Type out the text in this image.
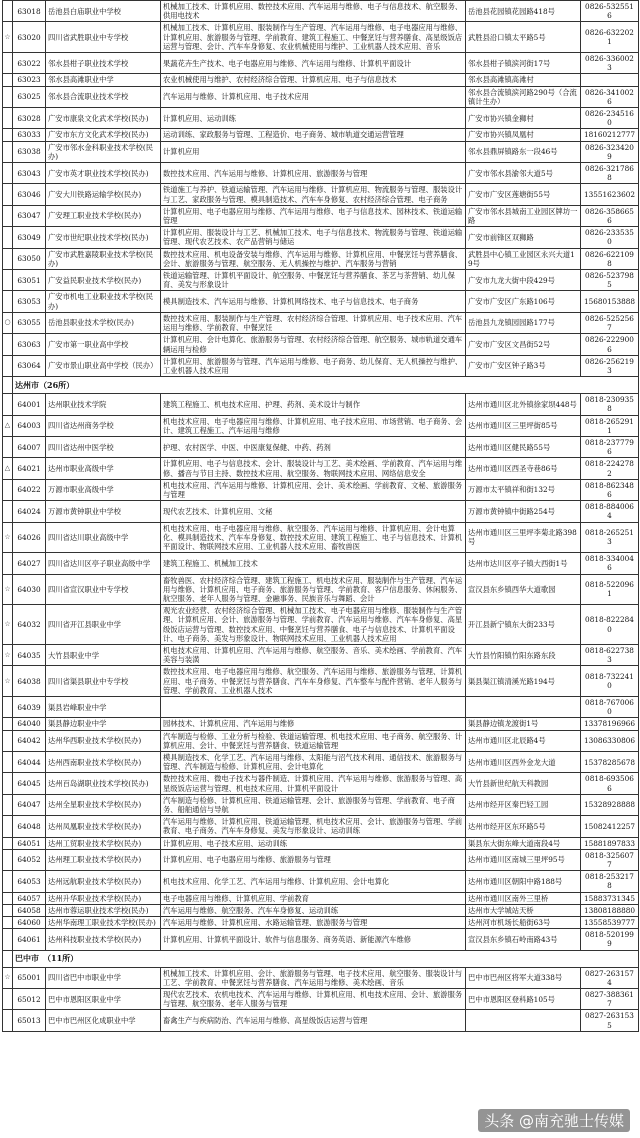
	63018	岳池县白庙职业中学校	机械加工技术、计算机应用、数控技术应用、汽车运用与维修、电子与信息技术、航空服务、供用电技术	岳池县花园镇花园路418号	0826-5325516
☆	63020	四川省武胜职业中专学校	机械加工技术、计算机应用、服装制作与生产管理、汽车运用与维修、电子电器应用与维修、计算机应用、旅游服务与管理、学前教育、建筑工程施工、中餐烹饪与营养膳食、高星级饭店运营与管理、会计、汽车车身修复、农业机械使用与维护、工业机器人技术应用、音乐	武胜县沿口镇太平路5号	0826-6322021
	63022	邻水县柑子职业技术学校	果蔬花卉生产技术、电子电器应用与维修、汽车运用与维修、计算机平面设计	邻水县柑子镇滨河街17号	0826-3360023
	63023	邻水县高滩职业中学	农业机械使用与维护、农村经济综合管理、计算机应用、电子与信息技术	邻水县高滩镇高滩村	
	63025	邻水县合流职业技术学校	汽车运用与维修、计算机应用、电子技术应用	邻水县合流镇滨河路290号（合流镇计生办）	0826-3410026
	63028	广安市康泉文化武术学校(民办)	计算机应用、运动训练	广安市协兴镇金狮村	0826-2345160
	63033	广安市东方文化武术学校(民办)	运动训练、家政服务与管理、工程造价、电子商务、城市轨道交通运营管理	广安市协兴镇凤凰村	18160212777
	63038	广安市邻水金科职业技术学校(民办)	计算机应用	邻水县鼎屏镇路东一段46号	0826-3234209
	63043	广安市英才职业技术学校(民办)	数控技术应用、汽车运用与维修、计算机应用、旅游服务与管理	广安市邻水县渝邻大道5号	0826-3217868
	63046	广安大川铁路运输学校(民办)	铁道施工与养护、铁道运输管理、汽车运用与维修、计算机应用、物流服务与管理、服装设计与工艺、家政服务与管理、模具制造技术、汽车车身修复、农村经济综合管理、电子商务	广安市广安区莲塘街55号	13551623602
	63047	广安理工职业技术学校(民办)	计算机应用、电子电器应用与维修、汽车运用与维修、电子与信息技术、园林技术、铁道运输管理	广安市邻水县城南工业园区牌坊一路	0826-3586656
	63049	广安市世纪职业技术学校(民办)	计算机应用、服装设计与工艺、机械加工技术、电子与信息技术、物流服务与管理、铁道运输管理、现代农艺技术、农产品营销与储运	广安市前锋区双狮路	0826-2335350
	63050	广安市武胜嘉陵职业技术学校(民办)	数控技术应用、机电设备安装与维修、汽车运用与维修、计算机应用、中餐烹饪与营养膳食、会计、旅游服务与管理、航空服务、无人机操控与维护、汽车服务与营销	武胜县中心镇工业园区永兴大道19号	0826-6221098
	63051	广安益民职业技术学校(民办)	铁道运输管理、计算机平面设计、航空服务、中餐烹饪与营养膳食、茶艺与茶营销、幼儿保育、美发与形象设计	广安市九龙大街中段429号	0826-5237985
	63053	广安市机电工业职业技术学校(民办)	模具制造技术、汽车运用与维修、计算机网络技术、电子与信息技术、电子商务	广安市广安区广东路106号	15680153888
○	63055	岳池县职业技术学校(民办)	数控技术应用、服装制作与生产管理、农村经济综合管理、计算机应用、电子技术应用、汽车运用与维修、学前教育、中餐烹饪	岳池县九龙镇园园路177号	0826-5252567
	63063	广安市第一职业高中学校	计算机应用、会计电算化、旅游服务与管理、农村经济综合管理、航空服务、城市轨道交通车辆运用与检修	广安市广安区文昌街52号	0826-2229006
	63064	广安市景山职业高中学校（民办）	计算机应用、旅游服务与管理、汽车运用与维修、电子商务、幼儿保育、无人机操控与维护、工业机器人技术应用	广安市广安区钟子路3号	0826-2562193
	达州市（26所）				
	64001	达州职业技术学院	建筑工程施工、机电技术应用、护理、药剂、美术设计与制作	达州市通川区北外镇徐家坝448号	0818-2309358
△	64003	四川省达州商务学校	机电技术应用、电子电器应用与维修、计算机应用、电子技术应用、市场营销、电子商务、会计、建筑工程施工、汽车运用与维修	达州市通川区三里坪街85号	0818-2652911
	64007	四川省达州中医学校	护理、农村医学、中医、中医康复保健、中药、药剂	达州市通川区健民路55号	0818-2377796
△	64021	达州市职业高级中学	计算机应用、电子与信息技术、会计、服装设计与工艺、美术绘画、学前教育、汽车运用与维修、播音与节目主持、数控技术应用、航空服务、物联网技术应用、网络信息安全	达州市通川区西圣寺巷86号	0818-2242782
	64022	万源市职业高级中学	机电技术应用、汽车运用与维修、计算机应用、会计、美术绘画、学前教育、文秘、旅游服务与管理	万源市太平镇祥和街132号	0818-8623486
	64024	万源市黄钟职业中学校	现代农艺技术、计算机应用、文秘	万源市黄钟镇中街路254号	0818-8840064
☆	64026	四川省达川职业高级中学	机电技术应用、电子电器应用与维修、航空服务、汽车运用与维修、计算机应用、会计电算化、模具制造技术、汽车车身修复、数控技术应用、建筑工程施工、电子与信息技术、计算机平面设计、物联网技术应用、工业机器人技术应用、畜牧兽医	达州市通川区三里坪李菊北路398号	0818-2652513
	64027	四川省达川区亭子职业高级中学	建筑工程施工、机械加工技术	达州市达川区亭子镇大西街1号	0818-3340046
☆	64030	四川省宣汉职业中专学校	畜牧兽医、农村经济综合管理、建筑工程施工、机电技术应用、服装制作与生产管理、汽车运用与维修、计算机应用、电子商务、旅游服务与管理、学前教育、客户信息服务、休闲服务、航空服务、老年人服务与管理、金融事务、民族音乐与舞蹈、会计	宣汉县东乡镇西华大道歌园	0818-5220961
☆	64032	四川省开江县职业中学	观光农业经营、农村经济综合管理、机械加工技术、电子电器应用与维修、服装制作与生产管理、计算机应用、会计、旅游服务与管理、学前教育、汽车运用与维修、汽车车身修复、高星级饭店运营与管理、数控技术应用、中餐烹饪与营养膳食、电子与信息技术、计算机平面设计、电子商务、美发与形象设计、物联网技术应用、工业机器人技术应用	开江县新宁镇东大街233号	0818-8222840
☆	64035	大竹县职业中学	机电技术应用、计算机应用、汽车运用与维修、航空服务、音乐、美术绘画、学前教育、汽车美容与装潢	大竹县竹阳镇竹阳东路东段	0818-6227383
☆	64038	四川省渠县职业中专学校	数控技术应用、电子电器应用与维修、航空服务、汽车运用与维修、旅游服务与管理、计算机应用、电子商务、中餐烹饪与营养膳食、汽车车身修复、汽车整车与配件营销、老年人服务与管理、学前教育、工业机器人技术	渠县渠江镇清溪光路194号	0818-7322410
	64039	渠县岩峰职业中学			0818-7670060
	64040	渠县静边职业中学	园林技术、计算机应用、汽车运用与维修	渠县静边镇龙渡街1号	13378196966
	64042	达州华西职业技术学校(民办)	汽车制造与检修、工业分析与检验、铁道运输管理、机电技术应用、电子商务、航空服务、计算机应用、会计、中餐烹饪与营养膳食、铁道运输管理	达州市通川区北辰路4号	13086330806
	64044	达州西南职业技术学校(民办)	模具制造技术、化学工艺、汽车运用与维修、太阳能与沼气技术利用、通信技术、旅游服务与管理、汽车制造与检修、计算机应用、会计电算化	达州市通川区西外金龙大道	15378285678
	64045	达州百岛湖职业技术学校(民办)	数控技术应用、微电子技术与器件制造、计算机应用、汽车运用与维修、旅游服务与管理、高星级饭店运营与管理、机电技术应用、计算机平面设计	大竹县新世纪航天科教园	0818-6935066
	64047	达州全星职业技术学校(民办)	汽车制造与检修、计算机应用、铁道运输管理、会计、旅游服务与管理、学前教育、电子商务、船舶通信与导航	达州市经开区秦巴轻工园	15328928888
	64048	达州凤凰职业技术学校(民办)	汽车运用与维修、计算机应用、铁道运输管理、机电技术应用、会计、旅游服务与管理、学前教育、电子商务、汽车车身修复、美发与形象设计、运动训练	达州市经开区东环路5号	15082412257
	64051	达州工贸职业技术学校(民办)	计算机应用、电子技术应用、运动训练	渠县东大街东峰大道南段4号	15881897833
	64052	达州理工职业技术学校(民办)	计算机应用、电子电器应用与维修、旅游服务与管理	达州市通川区南城三里坪95号	0818-3256077
	64053	达州远航职业技术学校(民办)	机电技术应用、化学工艺、汽车运用与维修、计算机应用、会计电算化	达州市通川区朝阳中路188号	0818-2532178
	64057	达州升华职业技术学校(民办)	电子电器应用与维修、计算机应用、学前教育	达州市通川区南外三里桥	15883731345
	64058	达州市蓉运职业技术学校(民办)	汽车运用与维修、航空服务、汽车车身修复、运动训练	达州市大学城站天桥	13808188880
	64060	达州华南理工职业技术学校(民办)	汽车运用与维修、计算机应用、水路运输管理、旅游服务与管理	达州河市机场长船街63号	13558539777
	64061	达州科技职业技术学校(民办)	计算机应用、计算机平面设计、软件与信息服务、商务英语、新能源汽车维修	宣汉县东乡镇石岭南路43号	0818-5201999
	巴中市　（11所）				
☆	65001	四川省巴中市职业中学	机械加工技术、计算机应用、会计、旅游服务与管理、电子技术应用、航空服务、服装设计与工艺、学前教育、中餐烹饪与营养膳食、汽车运用与维修、美术绘画、音乐	巴中市巴州区将军大道338号	0827-2631574
	65012	巴中市恩阳区职业中学	现代农艺技术、农机电技术、汽车运用与维修、计算机应用、机电技术应用、会计、旅游服务与管理、航空服务、老年人服务与管理	巴中市恩阳区登科路105号	0827-3883617
	65013	巴中市巴州区化成职业中学	畜禽生产与疾病防治、汽车运用与维修、高星级饭店运营与管理		0827-2631535
头条 @南充驰士传媒
